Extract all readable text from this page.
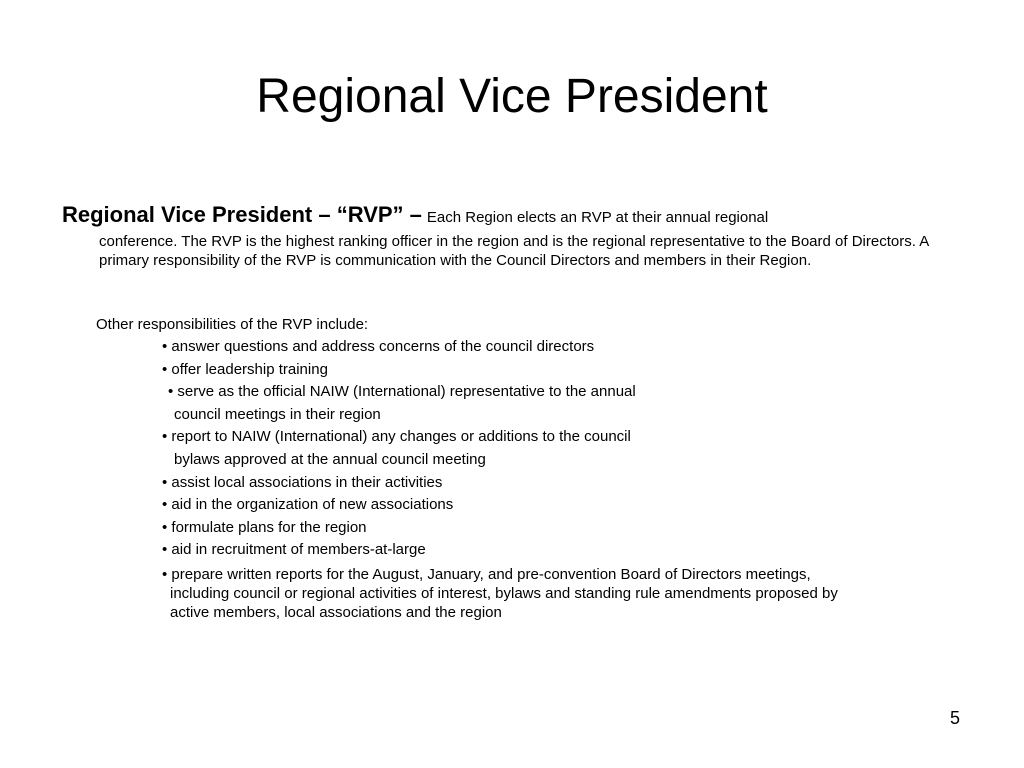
Regional Vice President
Regional Vice President – “RVP” – Each Region elects an RVP at their annual regional
conference. The RVP is the highest ranking officer in the region and is the regional representative to the Board of Directors. A primary responsibility of the RVP is communication with the Council Directors and members in their Region.
Other responsibilities of the RVP include:
• answer questions and address concerns of the council directors
• offer leadership training
• serve as the official NAIW (International) representative to the annual
council meetings in their region
• report to NAIW (International) any changes or additions to the council
bylaws approved at the annual council meeting
• assist local associations in their activities
• aid in the organization of new associations
• formulate plans for the region
• aid in recruitment of members-at-large
• prepare written reports for the August, January, and pre-convention Board of Directors meetings,
including council or regional activities of interest, bylaws and standing rule amendments proposed by
active members, local associations and the region
5
